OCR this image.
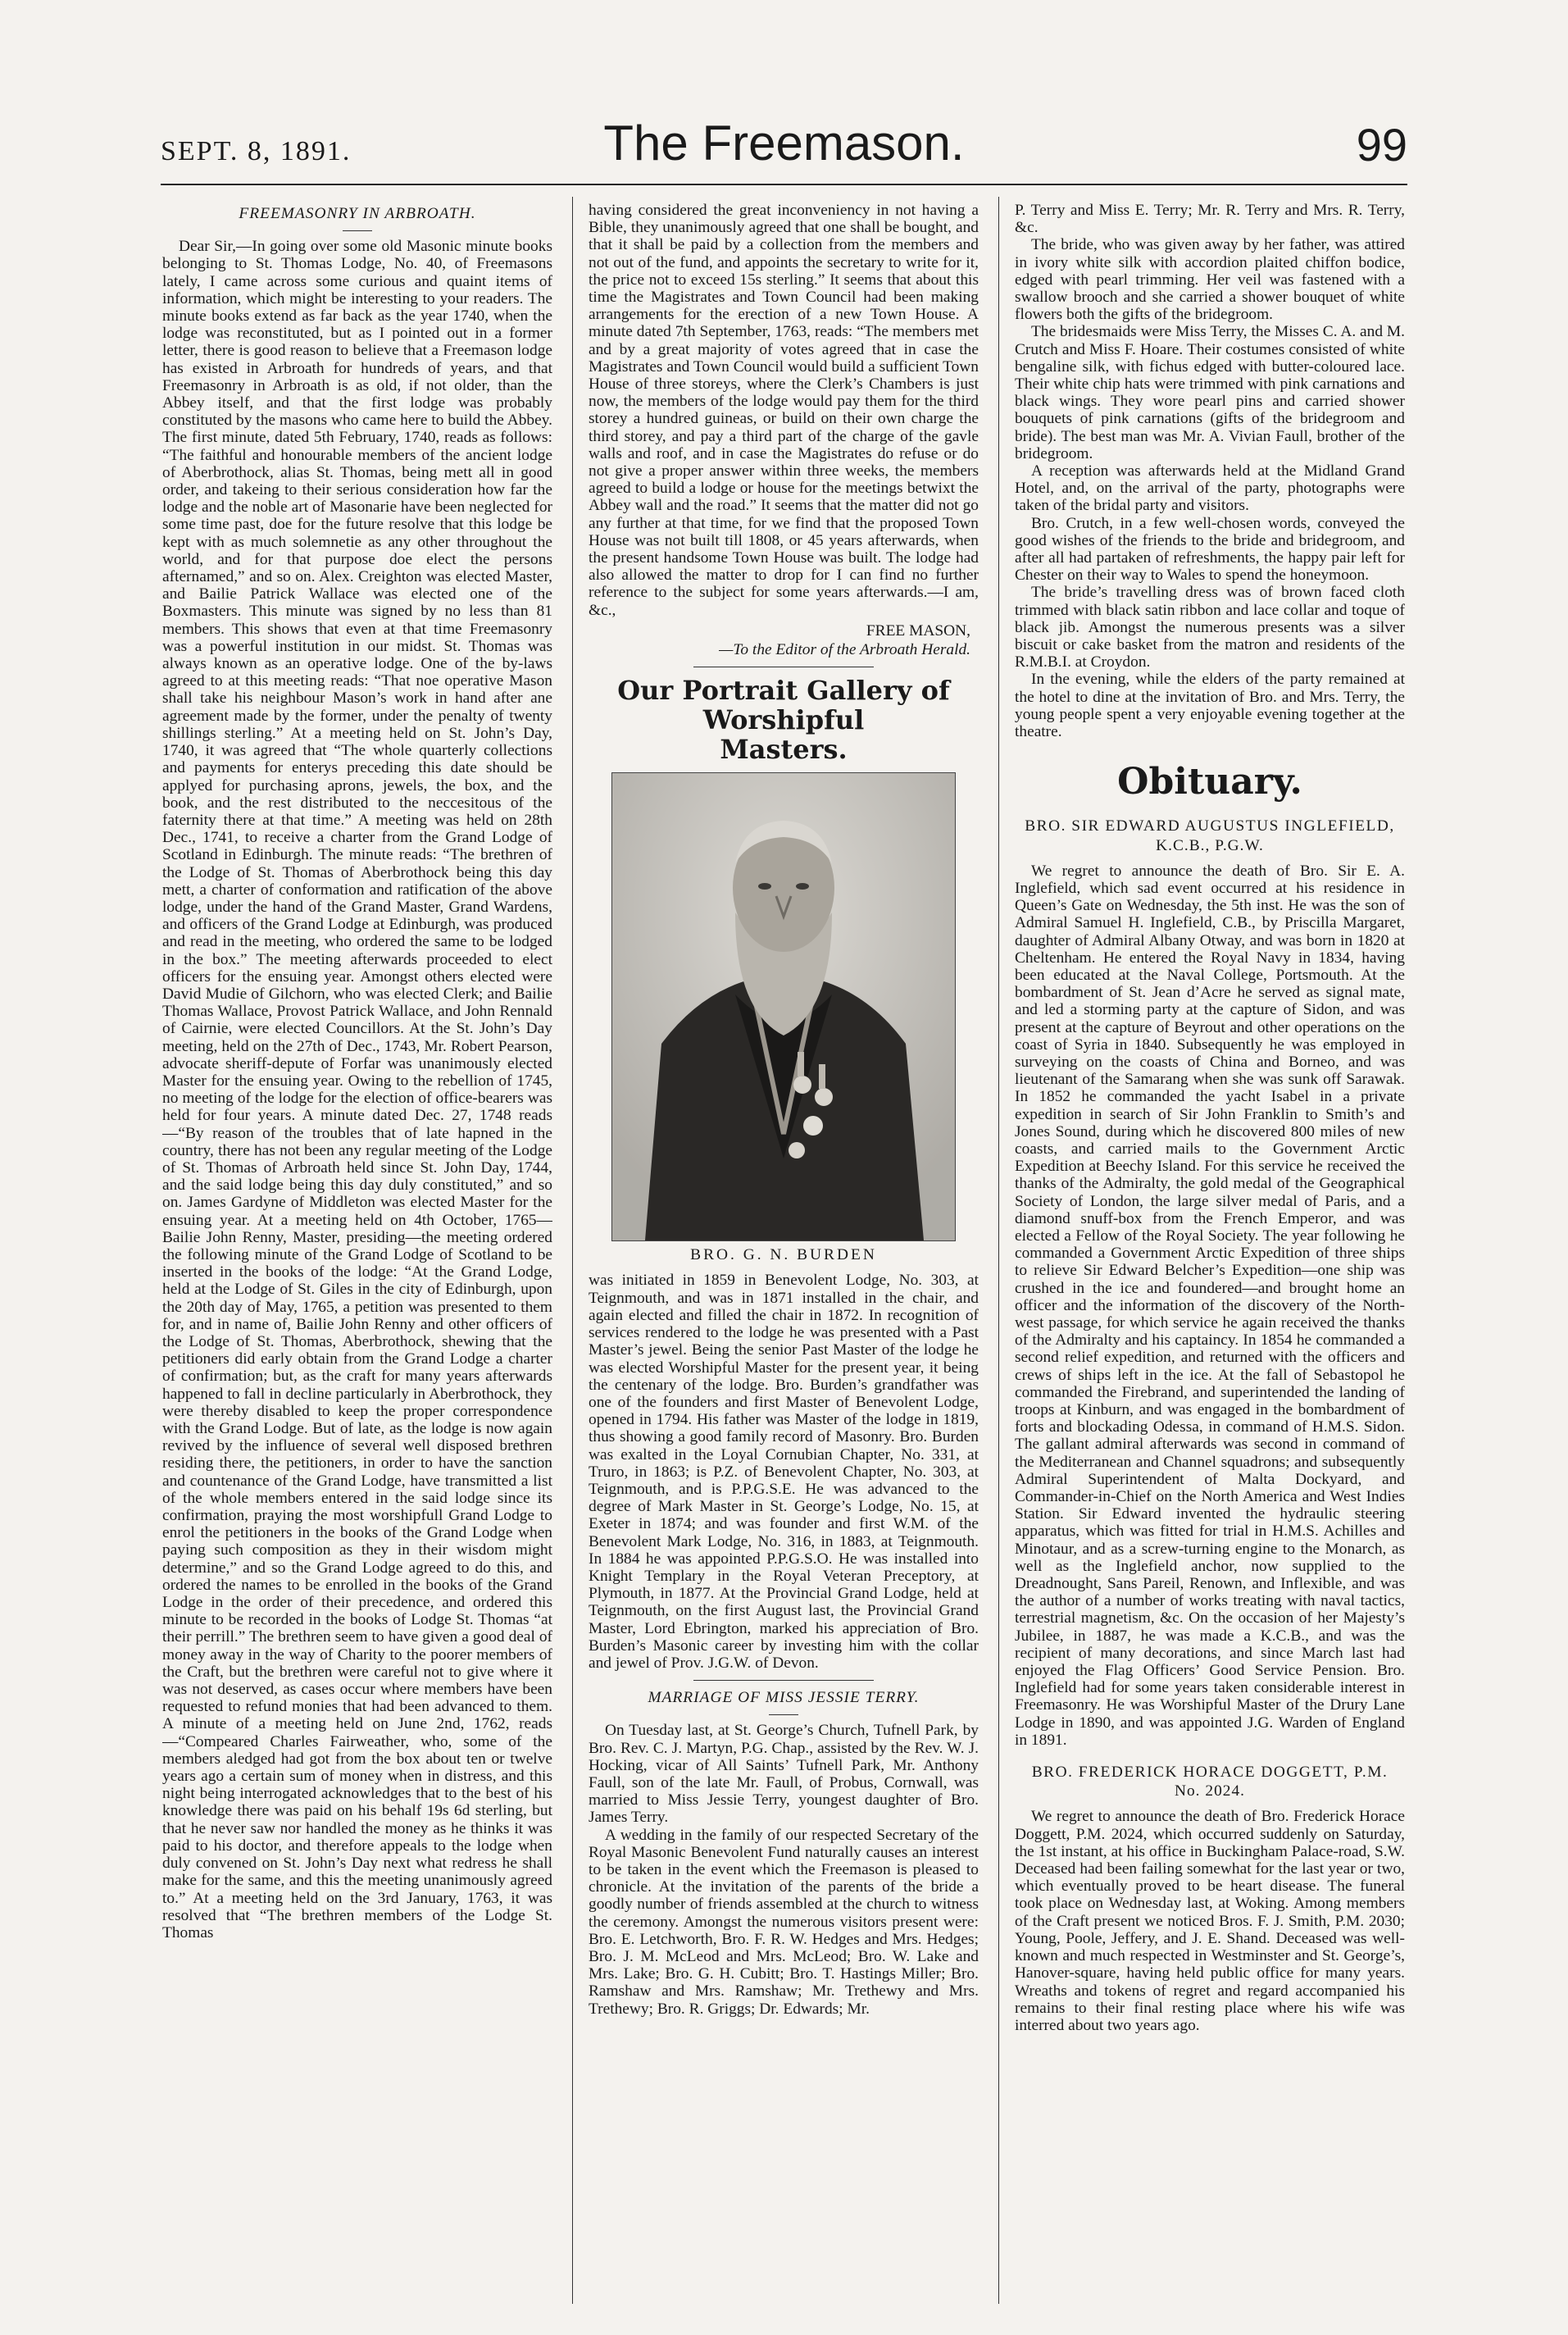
SEPT. 8, 1891.	The Freemason.	99
FREEMASONRY IN ARBROATH.

Dear Sir,—In going over some old Masonic minute books belonging to St. Thomas Lodge, No. 40, of Freemasons lately, I came across some curious and quaint items of information, which might be interesting to your readers. The minute books extend as far back as the year 1740, when the lodge was reconstituted, but as I pointed out in a former letter, there is good reason to believe that a Freemason lodge has existed in Arbroath for hundreds of years, and that Freemasonry in Arbroath is as old, if not older, than the Abbey itself, and that the first lodge was probably constituted by the masons who came here to build the Abbey. The first minute, dated 5th February, 1740, reads as follows: “The faithful and honourable members of the ancient lodge of Aberbrothock, alias St. Thomas, being mett all in good order, and takeing to their serious consideration how far the lodge and the noble art of Masonarie have been neglected for some time past, doe for the future resolve that this lodge be kept with as much solemnetie as any other throughout the world, and for that purpose doe elect the persons afternamed,” and so on. Alex. Creighton was elected Master, and Bailie Patrick Wallace was elected one of the Boxmasters. This minute was signed by no less than 81 members. This shows that even at that time Freemasonry was a powerful institution in our midst. St. Thomas was always known as an operative lodge. One of the by-laws agreed to at this meeting reads: “That noe operative Mason shall take his neighbour Mason’s work in hand after ane agreement made by the former, under the penalty of twenty shillings sterling.” At a meeting held on St. John’s Day, 1740, it was agreed that “The whole quarterly collections and payments for enterys preceding this date should be applyed for purchasing aprons, jewels, the box, and the book, and the rest distributed to the neccesitous of the faternity there at that time.” A meeting was held on 28th Dec., 1741, to receive a charter from the Grand Lodge of Scotland in Edinburgh. The minute reads: “The brethren of the Lodge of St. Thomas of Aberbrothock being this day mett, a charter of conformation and ratification of the above lodge, under the hand of the Grand Master, Grand Wardens, and officers of the Grand Lodge at Edinburgh, was produced and read in the meeting, who ordered the same to be lodged in the box.” The meeting afterwards proceeded to elect officers for the ensuing year. Amongst others elected were David Mudie of Gilchorn, who was elected Clerk; and Bailie Thomas Wallace, Provost Patrick Wallace, and John Rennald of Cairnie, were elected Councillors. At the St. John’s Day meeting, held on the 27th of Dec., 1743, Mr. Robert Pearson, advocate sheriff-depute of Forfar was unanimously elected Master for the ensuing year. Owing to the rebellion of 1745, no meeting of the lodge for the election of office-bearers was held for four years. A minute dated Dec. 27, 1748 reads—“By reason of the troubles that of late hapned in the country, there has not been any regular meeting of the Lodge of St. Thomas of Arbroath held since St. John Day, 1744, and the said lodge being this day duly constituted,” and so on. James Gardyne of Middleton was elected Master for the ensuing year. At a meeting held on 4th October, 1765—Bailie John Renny, Master, presiding—the meeting ordered the following minute of the Grand Lodge of Scotland to be inserted in the books of the lodge: “At the Grand Lodge, held at the Lodge of St. Giles in the city of Edinburgh, upon the 20th day of May, 1765, a petition was presented to them for, and in name of, Bailie John Renny and other officers of the Lodge of St. Thomas, Aberbrothock, shewing that the petitioners did early obtain from the Grand Lodge a charter of confirmation; but, as the craft for many years afterwards happened to fall in decline particularly in Aberbrothock, they were thereby disabled to keep the proper correspondence with the Grand Lodge. But of late, as the lodge is now again revived by the influence of several well disposed brethren residing there, the petitioners, in order to have the sanction and countenance of the Grand Lodge, have transmitted a list of the whole members entered in the said lodge since its confirmation, praying the most worshipfull Grand Lodge to enrol the petitioners in the books of the Grand Lodge when paying such composition as they in their wisdom might determine,” and so the Grand Lodge agreed to do this, and ordered the names to be enrolled in the books of the Grand Lodge in the order of their precedence, and ordered this minute to be recorded in the books of Lodge St. Thomas “at their perrill.” The brethren seem to have given a good deal of money away in the way of Charity to the poorer members of the Craft, but the brethren were careful not to give where it was not deserved, as cases occur where members have been requested to refund monies that had been advanced to them. A minute of a meeting held on June 2nd, 1762, reads—“Compeared Charles Fairweather, who, some of the members aledged had got from the box about ten or twelve years ago a certain sum of money when in distress, and this night being interrogated acknowledges that to the best of his knowledge there was paid on his behalf 19s 6d sterling, but that he never saw nor handled the money as he thinks it was paid to his doctor, and therefore appeals to the lodge when duly convened on St. John’s Day next what redress he shall make for the same, and this the meeting unanimously agreed to.” At a meeting held on the 3rd January, 1763, it was resolved that “The brethren members of the Lodge St. Thomas

having considered the great inconveniency in not having a Bible, they unanimously agreed that one shall be bought, and that it shall be paid by a collection from the members and not out of the fund, and appoints the secretary to write for it, the price not to exceed 15s sterling.” It seems that about this time the Magistrates and Town Council had been making arrangements for the erection of a new Town House. A minute dated 7th September, 1763, reads: “The members met and by a great majority of votes agreed that in case the Magistrates and Town Council would build a sufficient Town House of three storeys, where the Clerk’s Chambers is just now, the members of the lodge would pay them for the third storey a hundred guineas, or build on their own charge the third storey, and pay a third part of the charge of the gavle walls and roof, and in case the Magistrates do refuse or do not give a proper answer within three weeks, the members agreed to build a lodge or house for the meetings betwixt the Abbey wall and the road.” It seems that the matter did not go any further at that time, for we find that the proposed Town House was not built till 1808, or 45 years afterwards, when the present handsome Town House was built. The lodge had also allowed the matter to drop for I can find no further reference to the subject for some years afterwards.—I am, &c.,

FREE MASON,
—To the Editor of the Arbroath Herald.
Our Portrait Gallery of Worshipful
Masters.
BRO. G. N. BURDEN

was initiated in 1859 in Benevolent Lodge, No. 303, at Teignmouth, and was in 1871 installed in the chair, and again elected and filled the chair in 1872. In recognition of services rendered to the lodge he was presented with a Past Master’s jewel. Being the senior Past Master of the lodge he was elected Worshipful Master for the present year, it being the centenary of the lodge. Bro. Burden’s grandfather was one of the founders and first Master of Benevolent Lodge, opened in 1794. His father was Master of the lodge in 1819, thus showing a good family record of Masonry. Bro. Burden was exalted in the Loyal Cornubian Chapter, No. 331, at Truro, in 1863; is P.Z. of Benevolent Chapter, No. 303, at Teignmouth, and is P.P.G.S.E. He was advanced to the degree of Mark Master in St. George’s Lodge, No. 15, at Exeter in 1874; and was founder and first W.M. of the Benevolent Mark Lodge, No. 316, in 1883, at Teignmouth. In 1884 he was appointed P.P.G.S.O. He was installed into Knight Templary in the Royal Veteran Preceptory, at Plymouth, in 1877. At the Provincial Grand Lodge, held at Teignmouth, on the first August last, the Provincial Grand Master, Lord Ebrington, marked his appreciation of Bro. Burden’s Masonic career by investing him with the collar and jewel of Prov. J.G.W. of Devon.

MARRIAGE OF MISS JESSIE TERRY.

On Tuesday last, at St. George’s Church, Tufnell Park, by Bro. Rev. C. J. Martyn, P.G. Chap., assisted by the Rev. W. J. Hocking, vicar of All Saints’ Tufnell Park, Mr. Anthony Faull, son of the late Mr. Faull, of Probus, Cornwall, was married to Miss Jessie Terry, youngest daughter of Bro. James Terry.

A wedding in the family of our respected Secretary of the Royal Masonic Benevolent Fund naturally causes an interest to be taken in the event which the Freemason is pleased to chronicle. At the invitation of the parents of the bride a goodly number of friends assembled at the church to witness the ceremony. Amongst the numerous visitors present were: Bro. E. Letchworth, Bro. F. R. W. Hedges and Mrs. Hedges; Bro. J. M. McLeod and Mrs. McLeod; Bro. W. Lake and Mrs. Lake; Bro. G. H. Cubitt; Bro. T. Hastings Miller; Bro. Ramshaw and Mrs. Ramshaw; Mr. Trethewy and Mrs. Trethewy; Bro. R. Griggs; Dr. Edwards; Mr.

P. Terry and Miss E. Terry; Mr. R. Terry and Mrs. R. Terry, &c.

The bride, who was given away by her father, was attired in ivory white silk with accordion plaited chiffon bodice, edged with pearl trimming. Her veil was fastened with a swallow brooch and she carried a shower bouquet of white flowers both the gifts of the bridegroom.

The bridesmaids were Miss Terry, the Misses C. A. and M. Crutch and Miss F. Hoare. Their costumes consisted of white bengaline silk, with fichus edged with butter-coloured lace. Their white chip hats were trimmed with pink carnations and black wings. They wore pearl pins and carried shower bouquets of pink carnations (gifts of the bridegroom and bride). The best man was Mr. A. Vivian Faull, brother of the bridegroom.

A reception was afterwards held at the Midland Grand Hotel, and, on the arrival of the party, photographs were taken of the bridal party and visitors.

Bro. Crutch, in a few well-chosen words, conveyed the good wishes of the friends to the bride and bridegroom, and after all had partaken of refreshments, the happy pair left for Chester on their way to Wales to spend the honeymoon.

The bride’s travelling dress was of brown faced cloth trimmed with black satin ribbon and lace collar and toque of black jib. Amongst the numerous presents was a silver biscuit or cake basket from the matron and residents of the R.M.B.I. at Croydon.

In the evening, while the elders of the party remained at the hotel to dine at the invitation of Bro. and Mrs. Terry, the young people spent a very enjoyable evening together at the theatre.

Obituary.
BRO. SIR EDWARD AUGUSTUS INGLEFIELD,
K.C.B., P.G.W.

We regret to announce the death of Bro. Sir E. A. Inglefield, which sad event occurred at his residence in Queen’s Gate on Wednesday, the 5th inst. He was the son of Admiral Samuel H. Inglefield, C.B., by Priscilla Margaret, daughter of Admiral Albany Otway, and was born in 1820 at Cheltenham. He entered the Royal Navy in 1834, having been educated at the Naval College, Portsmouth. At the bombardment of St. Jean d’Acre he served as signal mate, and led a storming party at the capture of Sidon, and was present at the capture of Beyrout and other operations on the coast of Syria in 1840. Subsequently he was employed in surveying on the coasts of China and Borneo, and was lieutenant of the Samarang when she was sunk off Sarawak. In 1852 he commanded the yacht Isabel in a private expedition in search of Sir John Franklin to Smith’s and Jones Sound, during which he discovered 800 miles of new coasts, and carried mails to the Government Arctic Expedition at Beechy Island. For this service he received the thanks of the Admiralty, the gold medal of the Geographical Society of London, the large silver medal of Paris, and a diamond snuff-box from the French Emperor, and was elected a Fellow of the Royal Society. The year following he commanded a Government Arctic Expedition of three ships to relieve Sir Edward Belcher’s Expedition—one ship was crushed in the ice and foundered—and brought home an officer and the information of the discovery of the North-west passage, for which service he again received the thanks of the Admiralty and his captaincy. In 1854 he commanded a second relief expedition, and returned with the officers and crews of ships left in the ice. At the fall of Sebastopol he commanded the Firebrand, and superintended the landing of troops at Kinburn, and was engaged in the bombardment of forts and blockading Odessa, in command of H.M.S. Sidon. The gallant admiral afterwards was second in command of the Mediterranean and Channel squadrons; and subsequently Admiral Superintendent of Malta Dockyard, and Commander-in-Chief on the North America and West Indies Station. Sir Edward invented the hydraulic steering apparatus, which was fitted for trial in H.M.S. Achilles and Minotaur, and as a screw-turning engine to the Monarch, as well as the Inglefield anchor, now supplied to the Dreadnought, Sans Pareil, Renown, and Inflexible, and was the author of a number of works treating with naval tactics, terrestrial magnetism, &c. On the occasion of her Majesty’s Jubilee, in 1887, he was made a K.C.B., and was the recipient of many decorations, and since March last had enjoyed the Flag Officers’ Good Service Pension. Bro. Inglefield had for some years taken considerable interest in Freemasonry. He was Worshipful Master of the Drury Lane Lodge in 1890, and was appointed J.G. Warden of England in 1891.

BRO. FREDERICK HORACE DOGGETT, P.M.
No. 2024.

We regret to announce the death of Bro. Frederick Horace Doggett, P.M. 2024, which occurred suddenly on Saturday, the 1st instant, at his office in Buckingham Palace-road, S.W. Deceased had been failing somewhat for the last year or two, which eventually proved to be heart disease. The funeral took place on Wednesday last, at Woking. Among members of the Craft present we noticed Bros. F. J. Smith, P.M. 2030; Young, Poole, Jeffery, and J. E. Shand. Deceased was well-known and much respected in Westminster and St. George’s, Hanover-square, having held public office for many years. Wreaths and tokens of regret and regard accompanied his remains to their final resting place where his wife was interred about two years ago.
